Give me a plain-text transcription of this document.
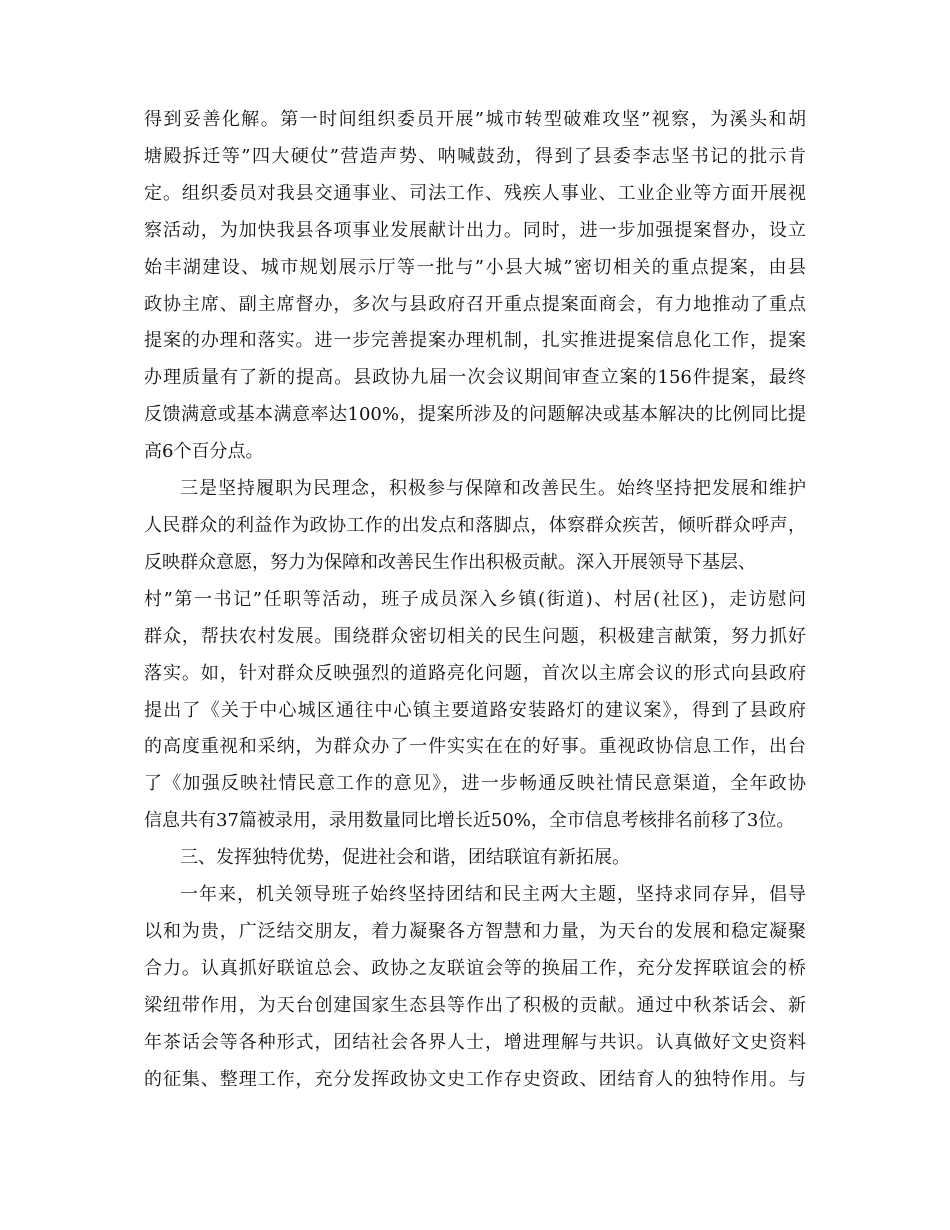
得到妥善化解。第一时间组织委员开展”城市转型破难攻坚”视察，为溪头和胡
塘殿拆迁等”四大硬仗”营造声势、呐喊鼓劲，得到了县委李志坚书记的批示肯
定。组织委员对我县交通事业、司法工作、残疾人事业、工业企业等方面开展视
察活动，为加快我县各项事业发展献计出力。同时，进一步加强提案督办，设立
始丰湖建设、城市规划展示厅等一批与”小县大城”密切相关的重点提案，由县
政协主席、副主席督办，多次与县政府召开重点提案面商会，有力地推动了重点
提案的办理和落实。进一步完善提案办理机制，扎实推进提案信息化工作，提案
办理质量有了新的提高。县政协九届一次会议期间审查立案的156件提案，最终
反馈满意或基本满意率达100%，提案所涉及的问题解决或基本解决的比例同比提
高6个百分点。

三是坚持履职为民理念，积极参与保障和改善民生。始终坚持把发展和维护
人民群众的利益作为政协工作的出发点和落脚点，体察群众疾苦，倾听群众呼声，
反映群众意愿，努力为保障和改善民生作出积极贡献。深入开展领导下基层、
村”第一书记”任职等活动，班子成员深入乡镇(街道)、村居(社区)，走访慰问
群众，帮扶农村发展。围绕群众密切相关的民生问题，积极建言献策，努力抓好
落实。如，针对群众反映强烈的道路亮化问题，首次以主席会议的形式向县政府
提出了《关于中心城区通往中心镇主要道路安装路灯的建议案》，得到了县政府
的高度重视和采纳，为群众办了一件实实在在的好事。重视政协信息工作，出台
了《加强反映社情民意工作的意见》，进一步畅通反映社情民意渠道，全年政协
信息共有37篇被录用，录用数量同比增长近50%，全市信息考核排名前移了3位。

三、发挥独特优势，促进社会和谐，团结联谊有新拓展。

一年来，机关领导班子始终坚持团结和民主两大主题，坚持求同存异，倡导
以和为贵，广泛结交朋友，着力凝聚各方智慧和力量，为天台的发展和稳定凝聚
合力。认真抓好联谊总会、政协之友联谊会等的换届工作，充分发挥联谊会的桥
梁纽带作用，为天台创建国家生态县等作出了积极的贡献。通过中秋茶话会、新
年茶话会等各种形式，团结社会各界人士，增进理解与共识。认真做好文史资料
的征集、整理工作，充分发挥政协文史工作存史资政、团结育人的独特作用。与
